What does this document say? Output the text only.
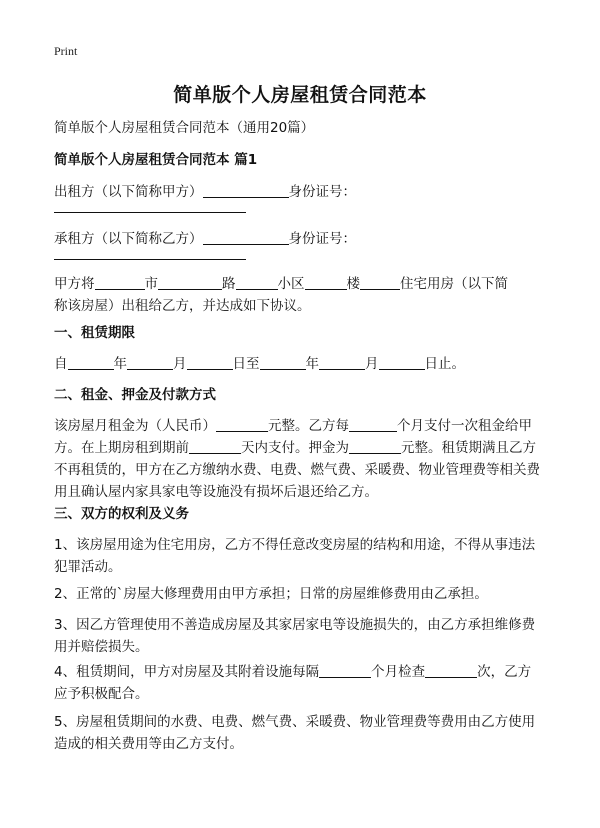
Print
简单版个人房屋租赁合同范本
简单版个人房屋租赁合同范本（通用20篇）
简单版个人房屋租赁合同范本 篇1
出租方（以下简称甲方）	身份证号：
承租方（以下简称乙方）	身份证号：
甲方将	市	路	小区	楼	住宅用房（以下简
称该房屋）出租给乙方，并达成如下协议。
一、租赁期限
自	年	月	日至	年	月	日止。
二、租金、押金及付款方式
该房屋月租金为（人民币）	元整。乙方每	个月支付一次租金给甲
方。在上期房租到期前	天内支付。押金为	元整。租赁期满且乙方
不再租赁的，甲方在乙方缴纳水费、电费、燃气费、采暖费、物业管理费等相关费
用且确认屋内家具家电等设施没有损坏后退还给乙方。
三、双方的权利及义务
1、该房屋用途为住宅用房，乙方不得任意改变房屋的结构和用途，不得从事违法
犯罪活动。
2、正常的`房屋大修理费用由甲方承担；日常的房屋维修费用由乙承担。
3、因乙方管理使用不善造成房屋及其家居家电等设施损失的，由乙方承担维修费
用并赔偿损失。
4、租赁期间，甲方对房屋及其附着设施每隔	个月检查	次，乙方
应予积极配合。
5、房屋租赁期间的水费、电费、燃气费、采暖费、物业管理费等费用由乙方使用
造成的相关费用等由乙方支付。
